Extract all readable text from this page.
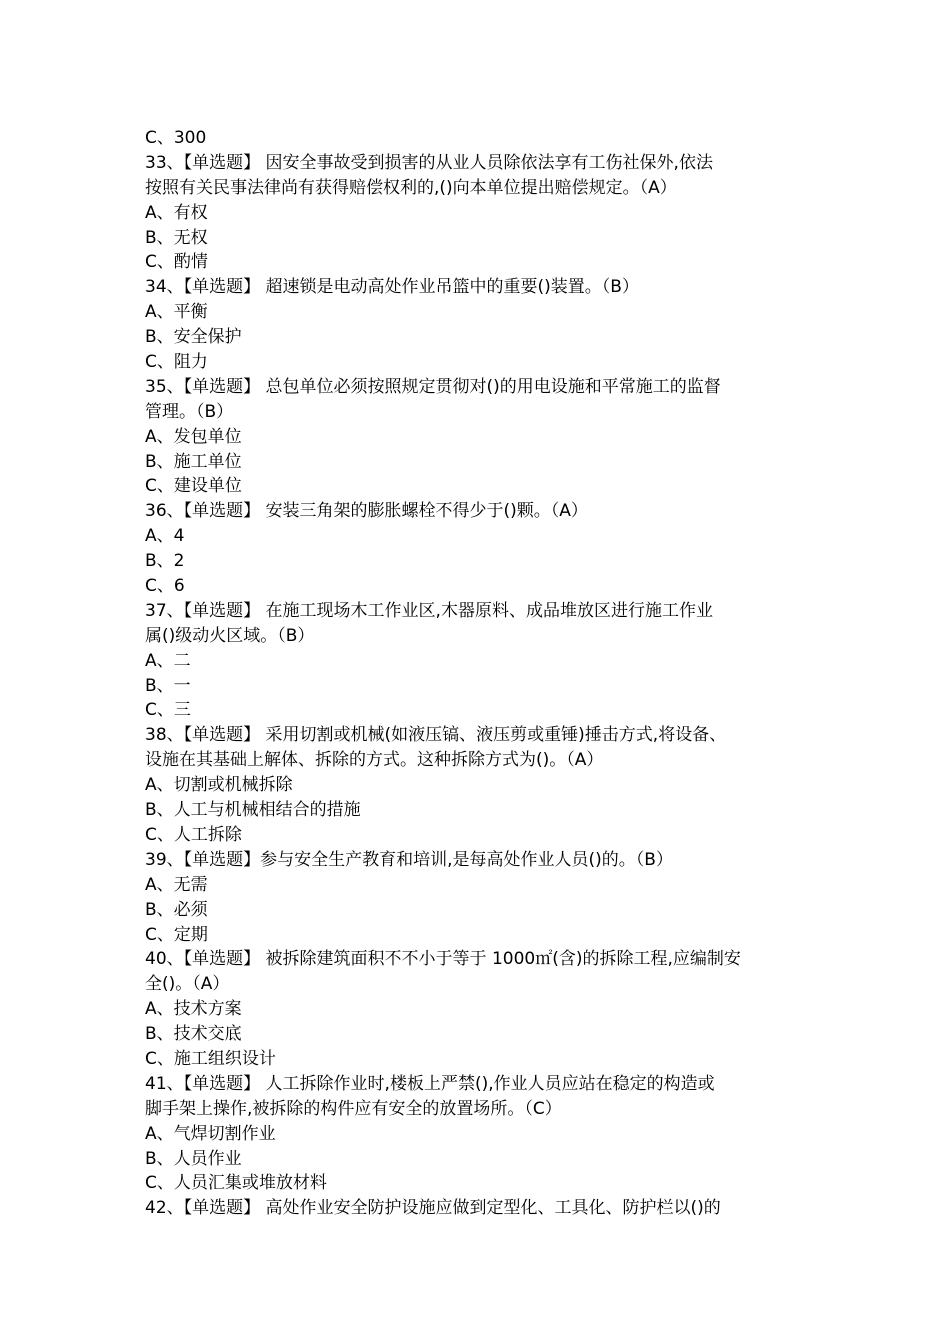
C、300
33、【单选题】 因安全事故受到损害的从业人员除依法享有工伤社保外,依法
按照有关民事法律尚有获得赔偿权利的,()向本单位提出赔偿规定。（A）
A、有权
B、无权
C、酌情
34、【单选题】 超速锁是电动高处作业吊篮中的重要()装置。（B）
A、平衡
B、安全保护
C、阻力
35、【单选题】 总包单位必须按照规定贯彻对()的用电设施和平常施工的监督
管理。（B）
A、发包单位
B、施工单位
C、建设单位
36、【单选题】 安装三角架的膨胀螺栓不得少于()颗。（A）
A、4
B、2
C、6
37、【单选题】 在施工现场木工作业区,木器原料、成品堆放区进行施工作业
属()级动火区域。（B）
A、二
B、一
C、三
38、【单选题】 采用切割或机械(如液压镐、液压剪或重锤)捶击方式,将设备、
设施在其基础上解体、拆除的方式。这种拆除方式为()。（A）
A、切割或机械拆除
B、人工与机械相结合的措施
C、人工拆除
39、【单选题】参与安全生产教育和培训,是每高处作业人员()的。（B）
A、无需
B、必须
C、定期
40、【单选题】 被拆除建筑面积不不小于等于 1000㎡(含)的拆除工程,应编制安
全()。（A）
A、技术方案
B、技术交底
C、施工组织设计
41、【单选题】 人工拆除作业时,楼板上严禁(),作业人员应站在稳定的构造或
脚手架上操作,被拆除的构件应有安全的放置场所。（C）
A、气焊切割作业
B、人员作业
C、人员汇集或堆放材料
42、【单选题】 高处作业安全防护设施应做到定型化、工具化、防护栏以()的
